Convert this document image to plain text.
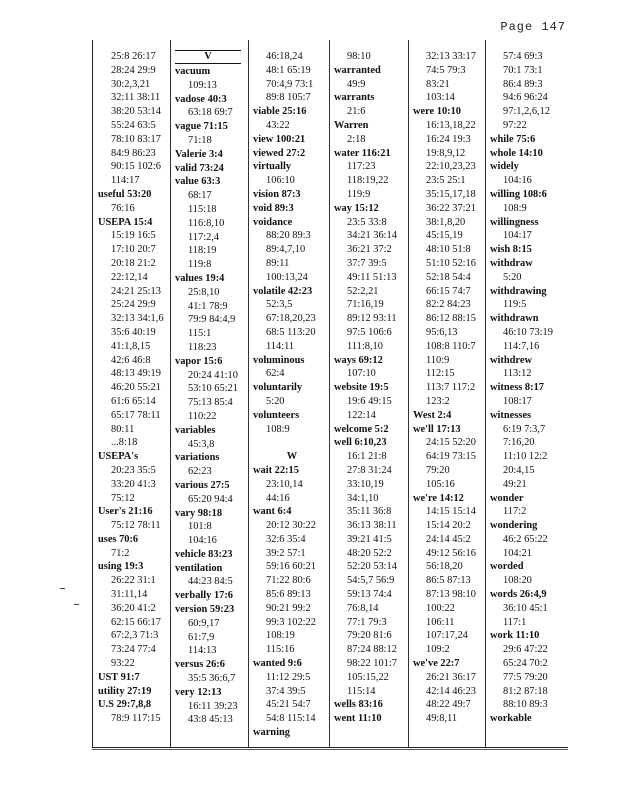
Page 147
25:8 26:17
28:24 29:9
30:2,3,21
32:11 38:11
38:20 53:14
55:24 63:5
78:10 83:17
84:9 86:23
90:15 102:6
114:17
useful 53:20
76:16
USEPA 15:4
15:19 16:5
17:10 20:7
20:18 21:2
22:12,14
24:21 25:13
25:24 29:9
32:13 34:1,6
35:6 40:19
41:1,8,15
42:6 46:8
48:13 49:19
46:20 55:21
61:6 65:14
65:17 78:11
80:11
...8:18
USEPA's
20:23 35:5
33:20 41:3
75:12
User's 21:16
75:12 78:11
uses 70:6
71:2
using 19:3
26:22 31:1
31:11,14
36:20 41:2
62:15 66:17
67:2,3 71:3
73:24 77:4
93:22
UST 91:7
utility 27:19
U.S 29:7,8,8
78:9 117:15
V
vacuum
109:13
vadose 40:3
63:18 69:7
vague 71:15
71:18
Valerie 3:4
valid 73:24
value 63:3
68:17
115:18
116:8,10
117:2,4
118:19
119:8
values 19:4
25:8,10
41:1 78:9
79:9 84:4,9
115:1
118:23
vapor 15:6
20:24 41:10
53:10 65:21
75:13 85:4
110:22
variables
45:3,8
variations
62:23
various 27:5
65:20 94:4
vary 98:18
101:8
104:16
vehicle 83:23
ventilation
44:23 84:5
verbally 17:6
version 59:23
60:9,17
61:7,9
114:13
versus 26:6
35:5 36:6,7
very 12:13
16:11 39:23
43:8 45:13
46:18,24
48:1 65:19
70:4,9 73:1
89:8 105:7
viable 25:16
43:22
view 100:21
viewed 27:2
virtually
106:10
vision 87:3
void 89:3
voidance
88:20 89:3
89:4,7,10
89:11
100:13,24
volatile 42:23
52:3,5
67:18,20,23
68:5 113:20
114:11
voluminous
62:4
voluntarily
5:20
volunteers
108:9
W
wait 22:15
23:10,14
44:16
want 6:4
20:12 30:22
32:6 35:4
39:2 57:1
59:16 60:21
71:22 80:6
85:6 89:13
90:21 99:2
99:3 102:22
108:19
115:16
wanted 9:6
11:12 29:5
37:4 39:5
45:21 54:7
54:8 115:14
warning
98:10
warranted
49:9
warrants
21:6
Warren
2:18
water 116:21
117:23
118:19,22
119:9
way 15:12
23:5 33:8
34:21 36:14
36:21 37:2
37:7 39:5
49:11 51:13
52:2,21
71:16,19
89:12 93:11
97:5 106:6
111:8,10
ways 69:12
107:10
website 19:5
19:6 49:15
122:14
welcome 5:2
well 6:10,23
16:1 21:8
27:8 31:24
33:10,19
34:1,10
35:11 36:8
36:13 38:11
39:21 41:5
48:20 52:2
52:20 53:14
54:5,7 56:9
59:13 74:4
76:8,14
77:1 79:3
79:20 81:6
87:24 88:12
98:22 101:7
105:15,22
115:14
wells 83:16
went 11:10
32:13 33:17
74:5 79:3
83:21
103:14
were 10:10
16:13,18,22
16:24 19:3
19:8,9,12
22:10,23,23
23:5 25:1
35:15,17,18
36:22 37:21
38:1,8,20
45:15,19
48:10 51:8
51:10 52:16
52:18 54:4
66:15 74:7
82:2 84:23
86:12 88:15
95:6,13
108:8 110:7
110:9
112:15
113:7 117:2
123:2
West 2:4
we'll 17:13
24:15 52:20
64:19 73:15
79:20
105:16
we're 14:12
14:15 15:14
15:14 20:2
24:14 45:2
49:12 56:16
56:18,20
86:5 87:13
87:13 98:10
100:22
106:11
107:17,24
109:2
we've 22:7
26:21 36:17
42:14 46:23
48:22 49:7
49:8,11
57:4 69:3
70:1 73:1
86:4 89:3
94:6 96:24
97:1,2,6,12
97:22
while 75:6
whole 14:10
widely
104:16
willing 108:6
108:9
willingness
104:17
wish 8:15
withdraw
5:20
withdrawing
119:5
withdrawn
46:10 73:19
114:7,16
withdrew
113:12
witness 8:17
108:17
witnesses
6:19 7:3,7
7:16,20
11:10 12:2
20:4,15
49:21
wonder
117:2
wondering
46:2 65:22
104:21
worded
108:20
words 26:4,9
36:10 45:1
117:1
work 11:10
29:6 47:22
65:24 70:2
77:5 79:20
81:2 87:18
88:10 89:3
workable
